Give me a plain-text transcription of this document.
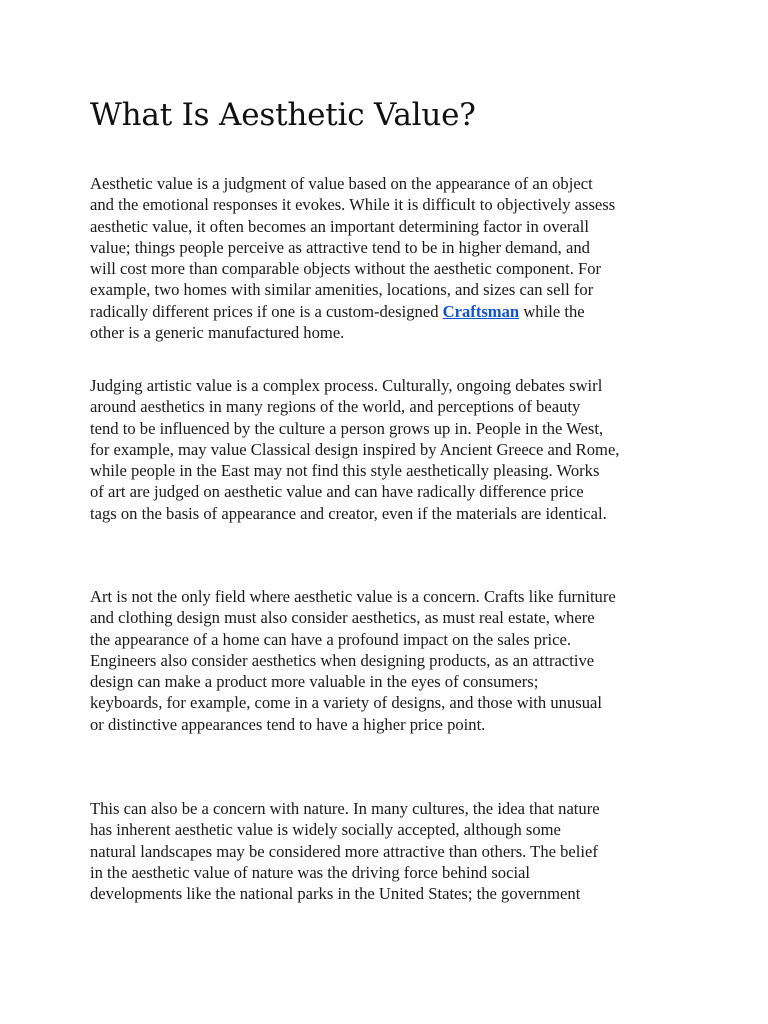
What Is Aesthetic Value?

Aesthetic value is a judgment of value based on the appearance of an object
and the emotional responses it evokes. While it is difficult to objectively assess
aesthetic value, it often becomes an important determining factor in overall
value; things people perceive as attractive tend to be in higher demand, and
will cost more than comparable objects without the aesthetic component. For
example, two homes with similar amenities, locations, and sizes can sell for
radically different prices if one is a custom-designed Craftsman while the
other is a generic manufactured home.

Judging artistic value is a complex process. Culturally, ongoing debates swirl
around aesthetics in many regions of the world, and perceptions of beauty
tend to be influenced by the culture a person grows up in. People in the West,
for example, may value Classical design inspired by Ancient Greece and Rome,
while people in the East may not find this style aesthetically pleasing. Works
of art are judged on aesthetic value and can have radically difference price
tags on the basis of appearance and creator, even if the materials are identical.

Art is not the only field where aesthetic value is a concern. Crafts like furniture
and clothing design must also consider aesthetics, as must real estate, where
the appearance of a home can have a profound impact on the sales price.
Engineers also consider aesthetics when designing products, as an attractive
design can make a product more valuable in the eyes of consumers;
keyboards, for example, come in a variety of designs, and those with unusual
or distinctive appearances tend to have a higher price point.

This can also be a concern with nature. In many cultures, the idea that nature
has inherent aesthetic value is widely socially accepted, although some
natural landscapes may be considered more attractive than others. The belief
in the aesthetic value of nature was the driving force behind social
developments like the national parks in the United States; the government
